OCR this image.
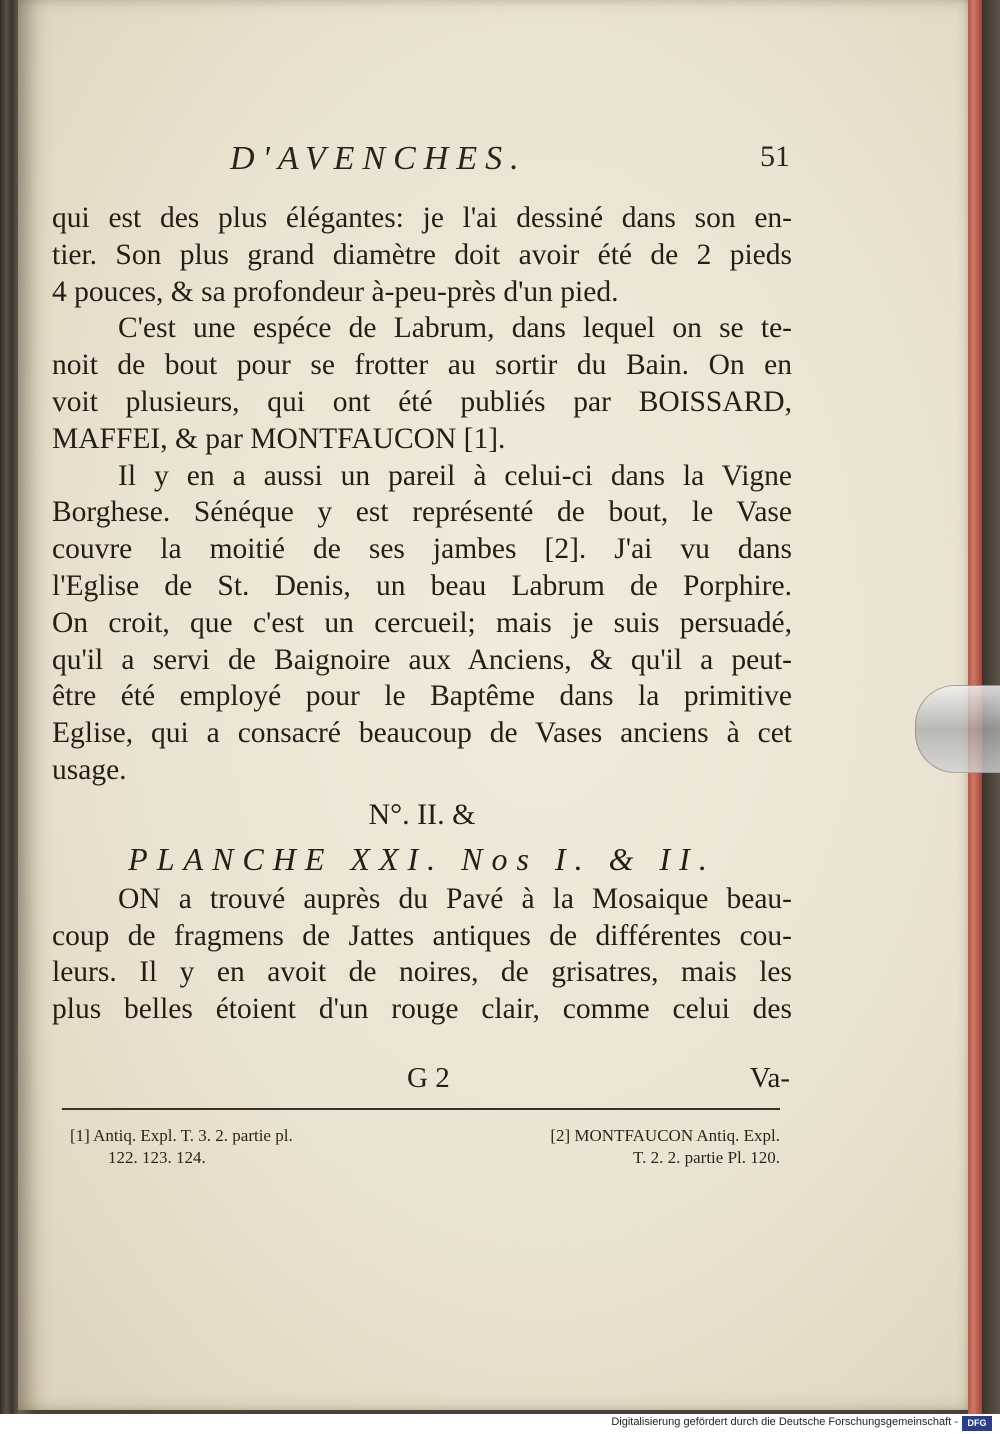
D'AVENCHES.	51
qui est des plus élégantes: je l'ai dessiné dans son en-
tier. Son plus grand diamètre doit avoir été de 2 pieds
4 pouces, & sa profondeur à-peu-près d'un pied.
C'est une espéce de Labrum, dans lequel on se te-
noit de bout pour se frotter au sortir du Bain. On en
voit plusieurs, qui ont été publiés par BOISSARD,
MAFFEI, & par MONTFAUCON [1].
Il y en a aussi un pareil à celui-ci dans la Vigne
Borghese. Sénéque y est représenté de bout, le Vase
couvre la moitié de ses jambes [2]. J'ai vu dans
l'Eglise de St. Denis, un beau Labrum de Porphire.
On croit, que c'est un cercueil; mais je suis persuadé,
qu'il a servi de Baignoire aux Anciens, & qu'il a peut-
être été employé pour le Baptême dans la primitive
Eglise, qui a consacré beaucoup de Vases anciens à cet
usage.
N°. II. &
PLANCHE XXI. Nos I. & II.
ON a trouvé auprès du Pavé à la Mosaique beau-
coup de fragmens de Jattes antiques de différentes cou-
leurs. Il y en avoit de noires, de grisatres, mais les
plus belles étoient d'un rouge clair, comme celui des
G 2	Va-
[1] Antiq. Expl. T. 3. 2. partie pl.
122. 123. 124.
[2] MONTFAUCON Antiq. Expl.
T. 2. 2. partie Pl. 120.
Digitalisierung gefördert durch die Deutsche Forschungsgemeinschaft -	DFG
